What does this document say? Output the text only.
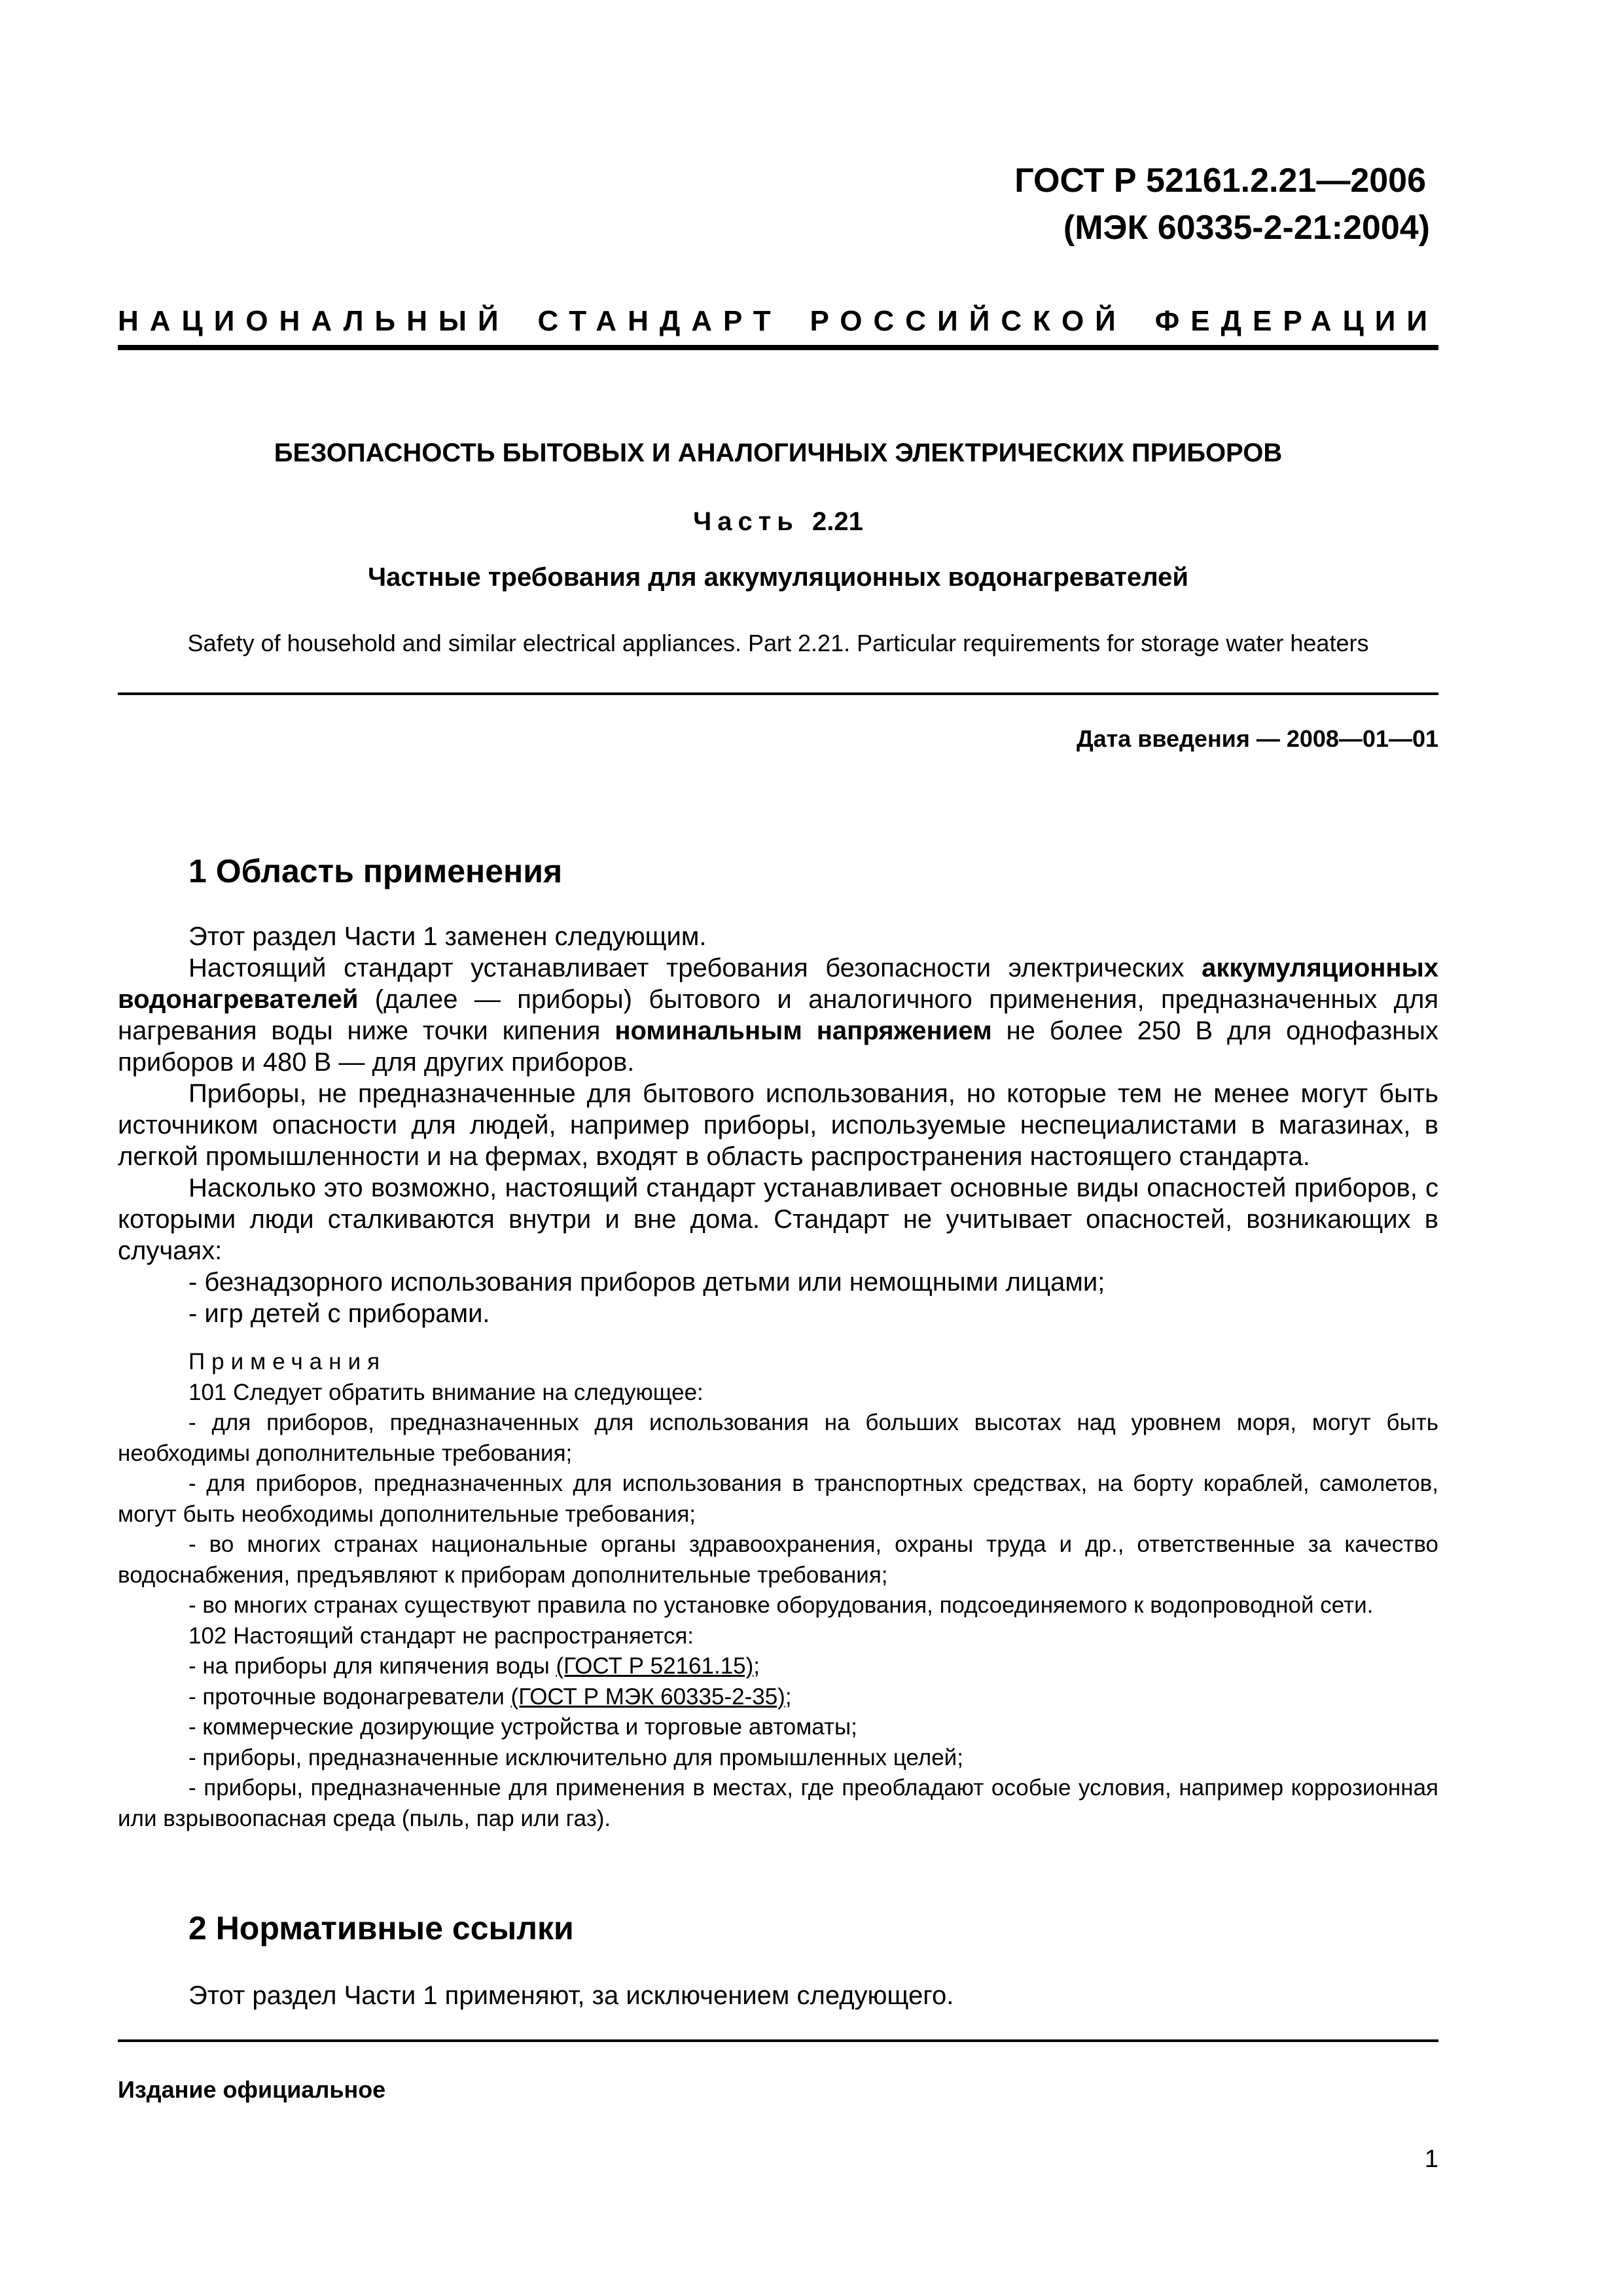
ГОСТ Р 52161.2.21—2006
(МЭК 60335-2-21:2004)
НАЦИОНАЛЬНЫЙ СТАНДАРТ РОССИЙСКОЙ ФЕДЕРАЦИИ
БЕЗОПАСНОСТЬ БЫТОВЫХ И АНАЛОГИЧНЫХ ЭЛЕКТРИЧЕСКИХ ПРИБОРОВ
Часть 2.21
Частные требования для аккумуляционных водонагревателей
Safety of household and similar electrical appliances. Part 2.21. Particular requirements for storage water heaters
Дата введения — 2008—01—01
1 Область применения

Этот раздел Части 1 заменен следующим.

Настоящий стандарт устанавливает требования безопасности электрических аккумуляционных водонагревателей (далее — приборы) бытового и аналогичного применения, предназначенных для нагревания воды ниже точки кипения номинальным напряжением не более 250 В для однофазных приборов и 480 В — для других приборов.

Приборы, не предназначенные для бытового использования, но которые тем не менее могут быть источником опасности для людей, например приборы, используемые неспециалистами в магазинах, в легкой промышленности и на фермах, входят в область распространения настоящего стандарта.

Насколько это возможно, настоящий стандарт устанавливает основные виды опасностей приборов, с которыми люди сталкиваются внутри и вне дома. Стандарт не учитывает опасностей, возникающих в случаях:

- безнадзорного использования приборов детьми или немощными лицами;

- игр детей с приборами.

Примечания

101 Следует обратить внимание на следующее:

- для приборов, предназначенных для использования на больших высотах над уровнем моря, могут быть необходимы дополнительные требования;

- для приборов, предназначенных для использования в транспортных средствах, на борту кораблей, самолетов, могут быть необходимы дополнительные требования;

- во многих странах национальные органы здравоохранения, охраны труда и др., ответственные за качество водоснабжения, предъявляют к приборам дополнительные требования;

- во многих странах существуют правила по установке оборудования, подсоединяемого к водопроводной сети.

102 Настоящий стандарт не распространяется:

- на приборы для кипячения воды (ГОСТ Р 52161.15);

- проточные водонагреватели (ГОСТ Р МЭК 60335-2-35);

- коммерческие дозирующие устройства и торговые автоматы;

- приборы, предназначенные исключительно для промышленных целей;

- приборы, предназначенные для применения в местах, где преобладают особые условия, например коррозионная или взрывоопасная среда (пыль, пар или газ).

2 Нормативные ссылки

Этот раздел Части 1 применяют, за исключением следующего.

Издание официальное
1
